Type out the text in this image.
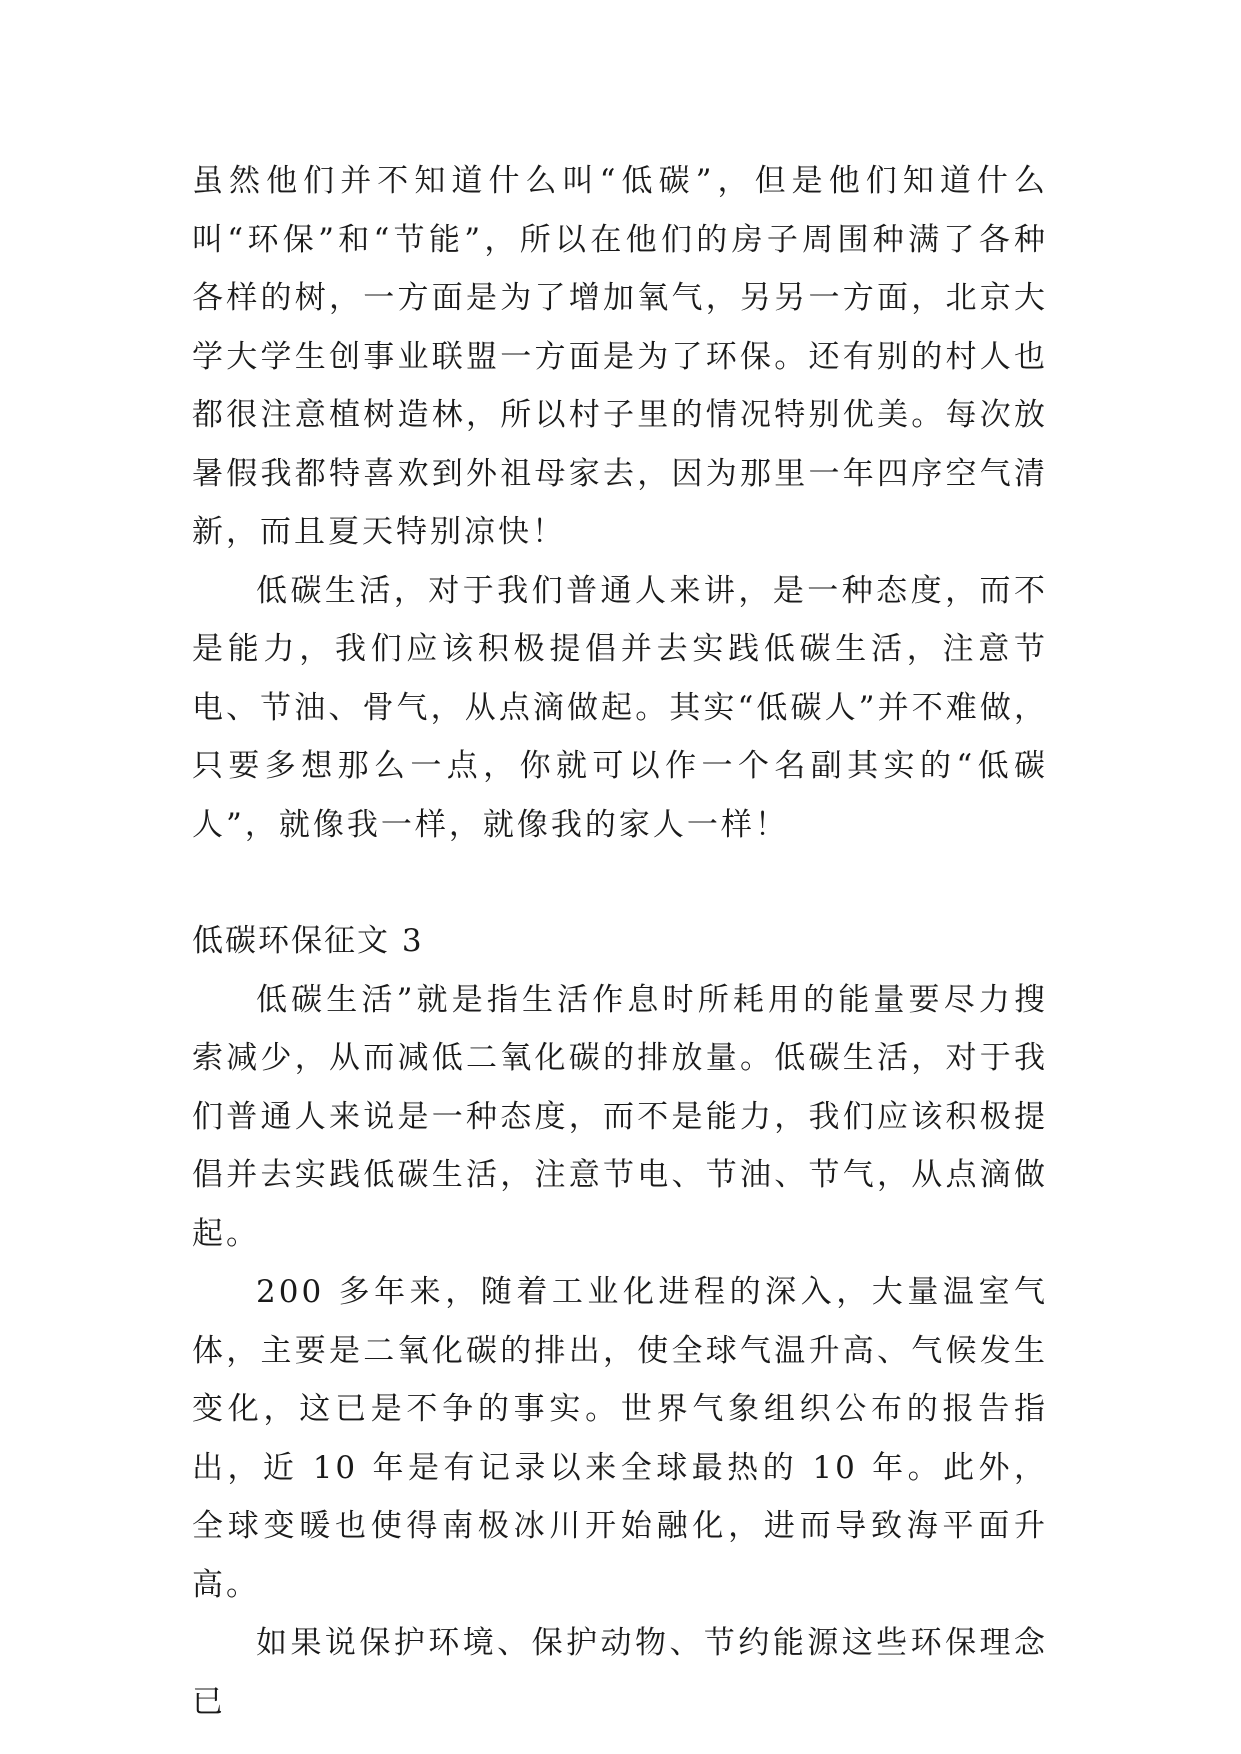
虽然他们并不知道什么叫“低碳”，但是他们知道什么叫“环保”和“节能”，所以在他们的房子周围种满了各种各样的树，一方面是为了增加氧气，另另一方面，北京大学大学生创事业联盟一方面是为了环保。还有别的村人也都很注意植树造林，所以村子里的情况特别优美。每次放暑假我都特喜欢到外祖母家去，因为那里一年四序空气清新，而且夏天特别凉快！

低碳生活，对于我们普通人来讲，是一种态度，而不是能力，我们应该积极提倡并去实践低碳生活，注意节电、节油、骨气，从点滴做起。其实“低碳人”并不难做，只要多想那么一点，你就可以作一个名副其实的“低碳人”，就像我一样，就像我的家人一样！

低碳环保征文 3

低碳生活”就是指生活作息时所耗用的能量要尽力搜索减少，从而减低二氧化碳的排放量。低碳生活，对于我们普通人来说是一种态度，而不是能力，我们应该积极提倡并去实践低碳生活，注意节电、节油、节气，从点滴做起。

200 多年来，随着工业化进程的深入，大量温室气体，主要是二氧化碳的排出，使全球气温升高、气候发生变化，这已是不争的事实。世界气象组织公布的报告指出，近 10 年是有记录以来全球最热的 10 年。此外，全球变暖也使得南极冰川开始融化，进而导致海平面升高。

如果说保护环境、保护动物、节约能源这些环保理念已
